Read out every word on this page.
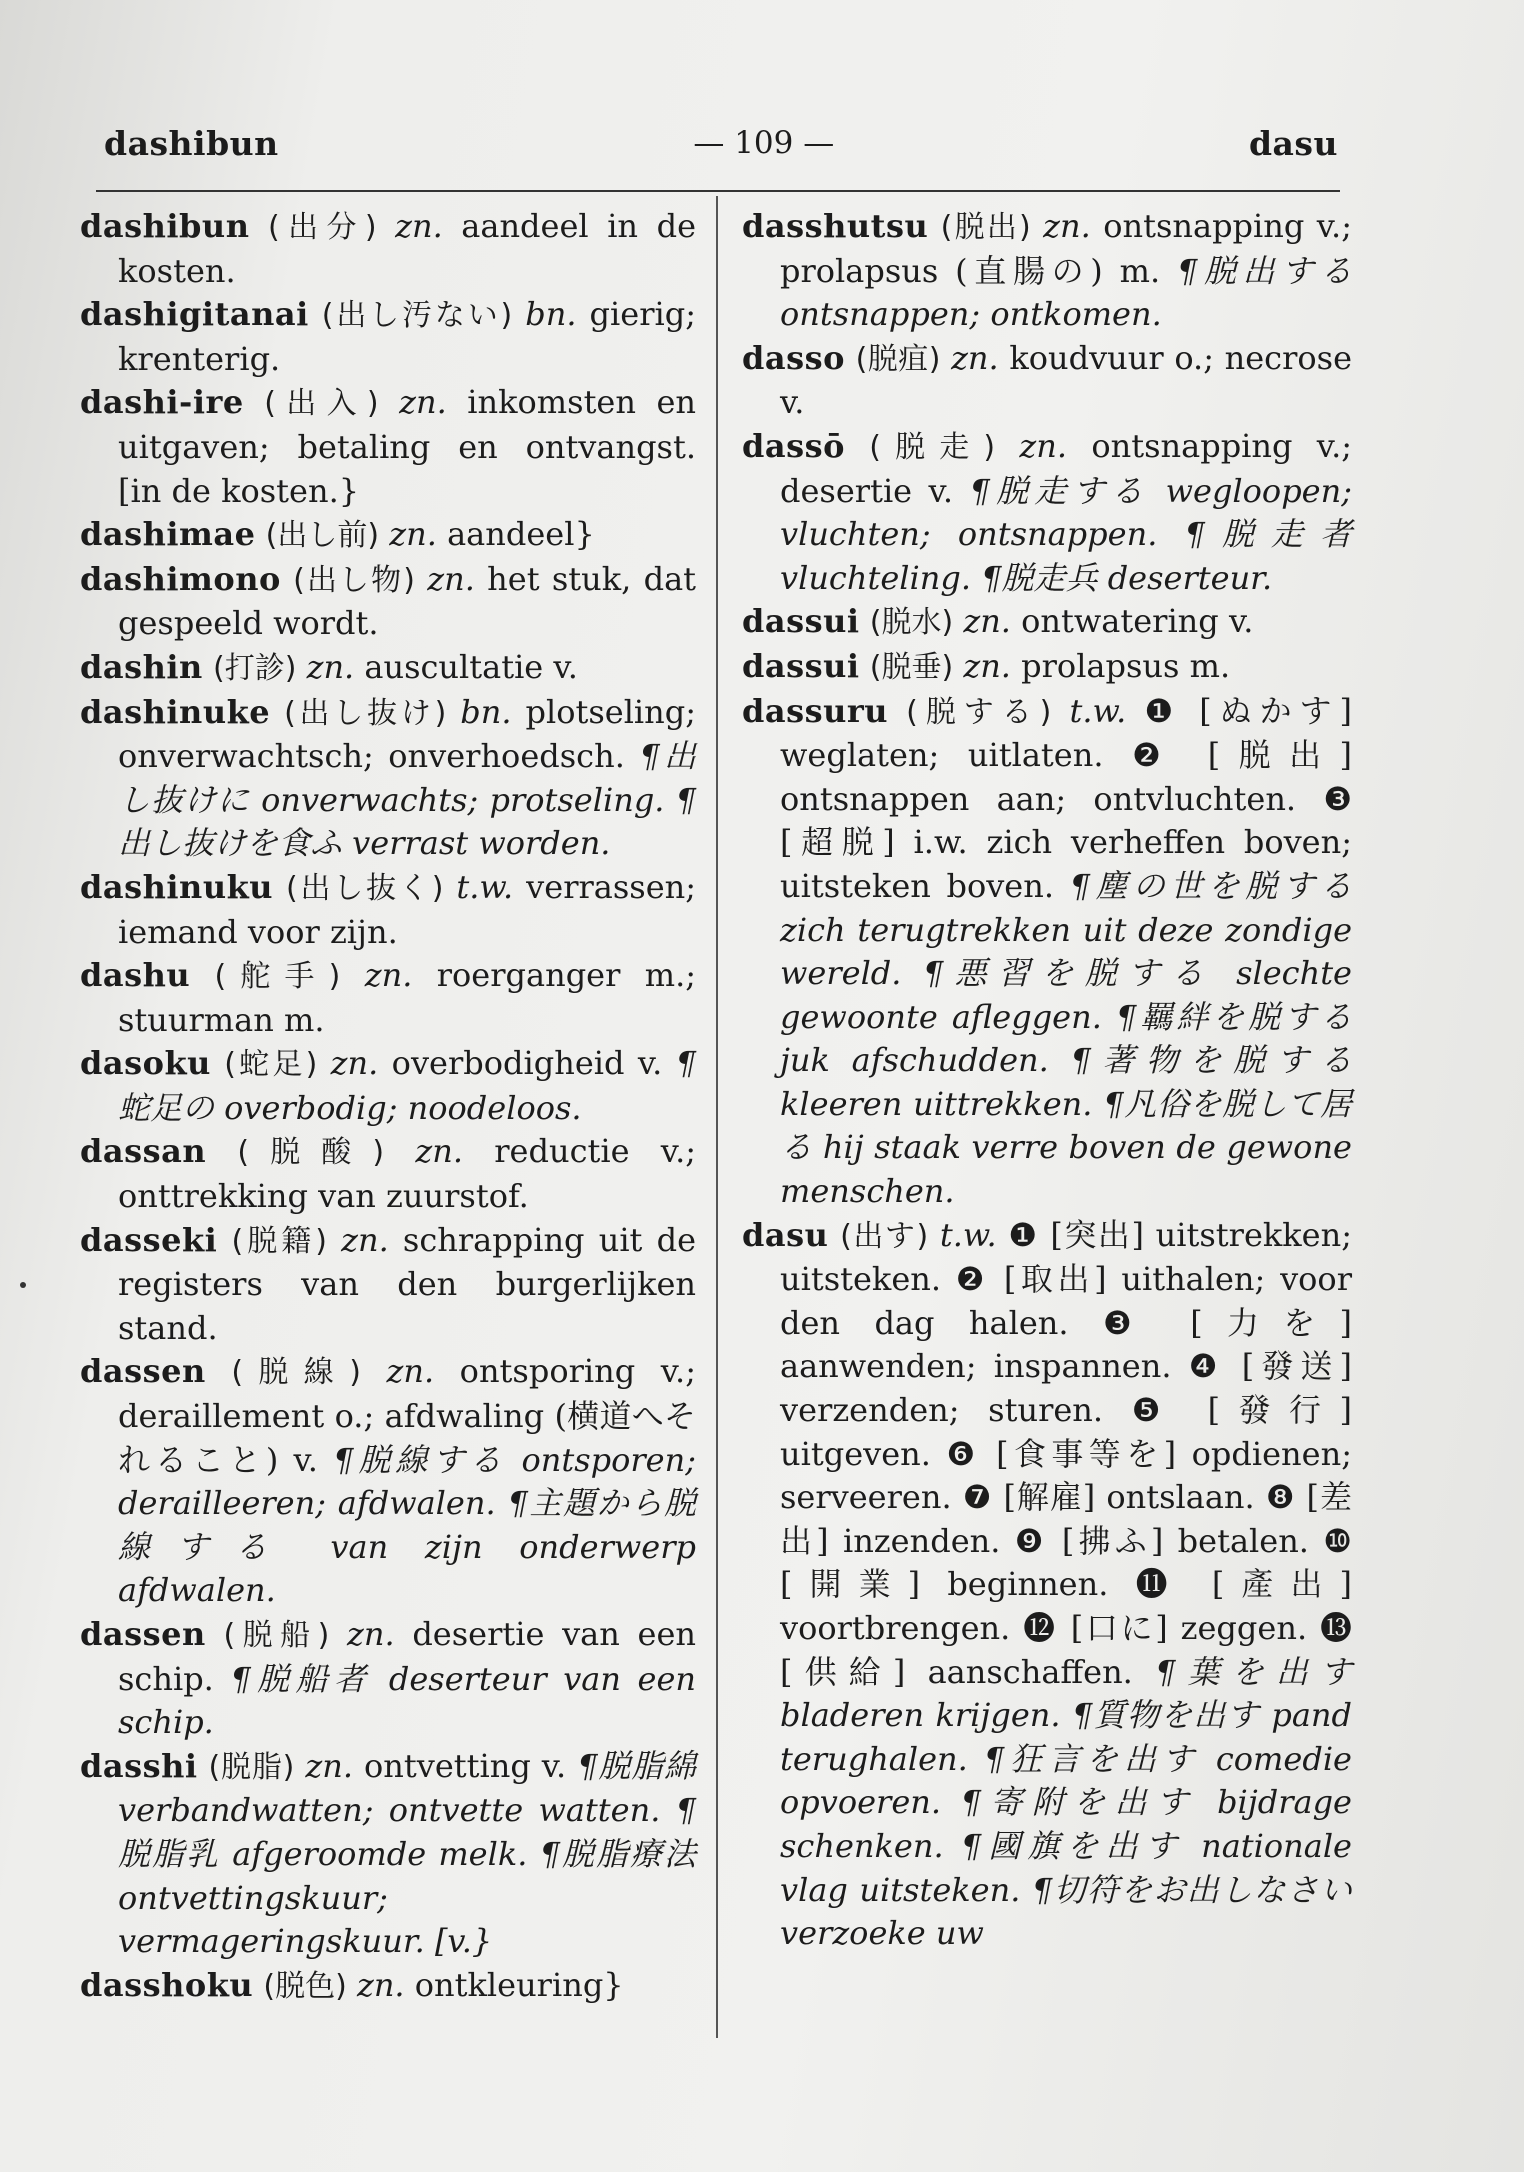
dashibun	— 109 —	dasu
dashibun (出分) zn. aandeel in de kosten.
dashigitanai (出し汚ない) bn. gierig; krenterig.
dashi-ire (出入) zn. inkomsten en uitgaven; betaling en ontvangst. [in de kosten.}
dashimae (出し前) zn. aandeel}
dashimono (出し物) zn. het stuk, dat gespeeld wordt.
dashin (打診) zn. auscultatie v.
dashinuke (出し抜け) bn. plotseling; onverwachtsch; onverhoedsch. ¶出し抜けに onverwachts; protseling. ¶出し抜けを食ふ verrast worden.
dashinuku (出し抜く) t.w. verrassen; iemand voor zijn.
dashu (舵手) zn. roerganger m.; stuurman m.
dasoku (蛇足) zn. overbodigheid v. ¶蛇足の overbodig; noodeloos.
dassan (脱酸) zn. reductie v.; onttrekking van zuurstof.
dasseki (脱籍) zn. schrapping uit de registers van den burgerlijken stand.
dassen (脱線) zn. ontsporing v.; deraillement o.; afdwaling (横道へそれること) v. ¶脱線する ontsporen; derailleeren; afdwalen. ¶主題から脱線する van zijn onderwerp afdwalen.
dassen (脱船) zn. desertie van een schip. ¶脱船者 deserteur van een schip.
dasshi (脱脂) zn. ontvetting v. ¶脱脂綿 verbandwatten; ontvette watten. ¶脱脂乳 afgeroomde melk. ¶脱脂療法 ontvettingskuur; vermageringskuur. [v.}
dasshoku (脱色) zn. ontkleuring}
dasshutsu (脱出) zn. ontsnapping v.; prolapsus (直腸の) m. ¶脱出する ontsnappen; ontkomen.
dasso (脱疽) zn. koudvuur o.; necrose v.
dassō (脱走) zn. ontsnapping v.; desertie v. ¶脱走する wegloopen; vluchten; ontsnappen. ¶脱走者 vluchteling. ¶脱走兵 deserteur.
dassui (脱水) zn. ontwatering v.
dassui (脱垂) zn. prolapsus m.
dassuru (脱する) t.w. ❶ [ぬかす] weglaten; uitlaten. ❷ [脱出] ontsnappen aan; ontvluchten. ❸ [超脱] i.w. zich verheffen boven; uitsteken boven. ¶塵の世を脱する zich terugtrekken uit deze zondige wereld. ¶悪習を脱する slechte gewoonte afleggen. ¶羈絆を脱する juk afschudden. ¶著物を脱する kleeren uittrekken. ¶凡俗を脱して居る hij staak verre boven de gewone menschen.
dasu (出す) t.w. ❶ [突出] uitstrekken; uitsteken. ❷ [取出] uithalen; voor den dag halen. ❸ [力を] aanwenden; inspannen. ❹ [發送] verzenden; sturen. ❺ [發行] uitgeven. ❻ [食事等を] opdienen; serveeren. ❼ [解雇] ontslaan. ❽ [差出] inzenden. ❾ [拂ふ] betalen. ❿ [開業] beginnen. ⓫ [產出] voortbrengen. ⓬ [口に] zeggen. ⓭ [供給] aanschaffen. ¶葉を出す bladeren krijgen. ¶質物を出す pand terughalen. ¶狂言を出す comedie opvoeren. ¶寄附を出す bijdrage schenken. ¶國旗を出す nationale vlag uitsteken. ¶切符をお出しなさい verzoeke uw
